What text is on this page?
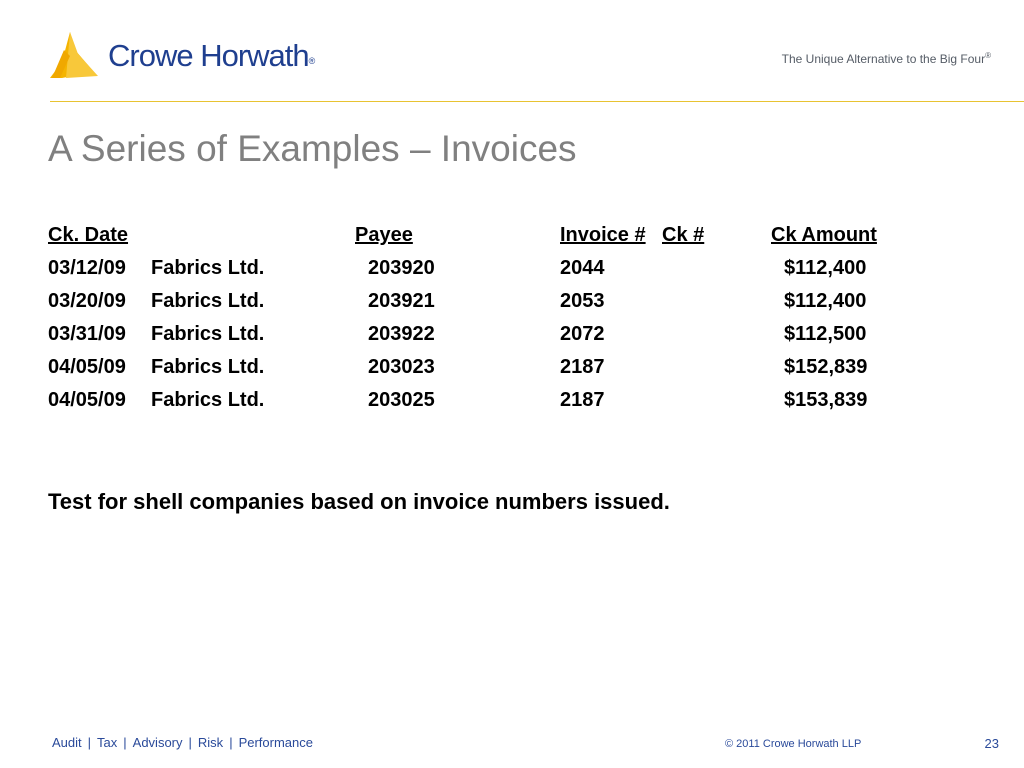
Crowe Horwath®	The Unique Alternative to the Big Four®
A Series of Examples – Invoices
Ck. Date	Payee	Invoice # Ck #	Ck Amount
03/12/09 Fabrics Ltd.	203920	2044	$112,400
03/20/09 Fabrics Ltd.	203921	2053	$112,400
03/31/09 Fabrics Ltd.	203922	2072	$112,500
04/05/09 Fabrics Ltd.	203023	2187	$152,839
04/05/09 Fabrics Ltd.	203025	2187	$153,839
Test for shell companies based on invoice numbers issued.
Audit | Tax | Advisory | Risk | Performance	© 2011 Crowe Horwath LLP	23
